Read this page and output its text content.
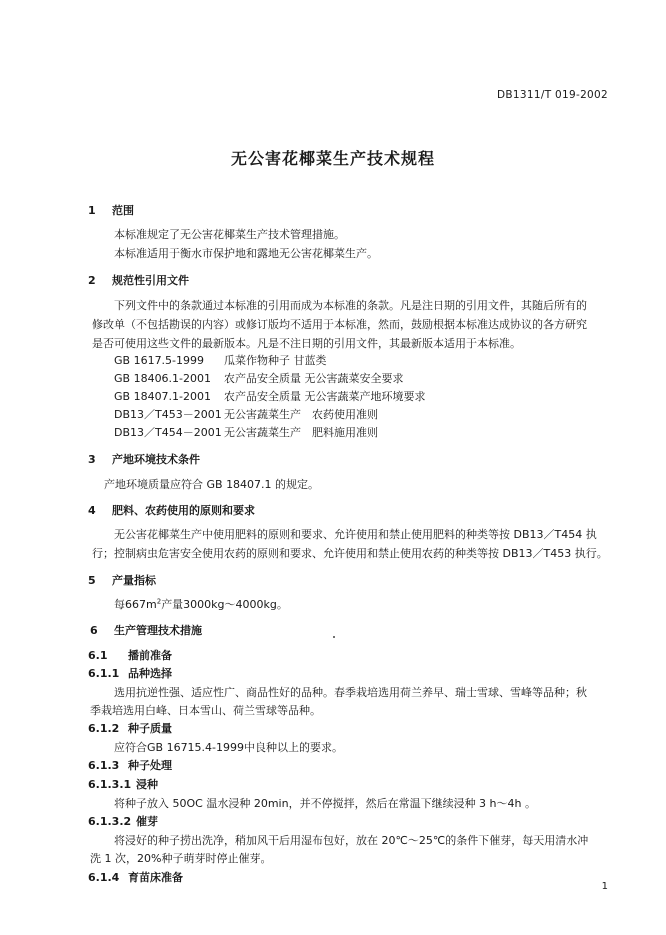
DB1311/T 019-2002
无公害花椰菜生产技术规程
1 范围
本标准规定了无公害花椰菜生产技术管理措施。
本标准适用于衡水市保护地和露地无公害花椰菜生产。
2 规范性引用文件
下列文件中的条款通过本标准的引用而成为本标准的条款。凡是注日期的引用文件，其随后所有的
修改单（不包括勘误的内容）或修订版均不适用于本标准，然而，鼓励根据本标准达成协议的各方研究
是否可使用这些文件的最新版本。凡是不注日期的引用文件，其最新版本适用于本标准。
GB 1617.5-1999 瓜菜作物种子 甘蓝类
GB 18406.1-2001 农产品安全质量 无公害蔬菜安全要求
GB 18407.1-2001 农产品安全质量 无公害蔬菜产地环境要求
DB13／T453－2001 无公害蔬菜生产　农药使用准则
DB13／T454－2001 无公害蔬菜生产　肥料施用准则
3 产地环境技术条件
产地环境质量应符合 GB 18407.1 的规定。
4 肥料、农药使用的原则和要求
无公害花椰菜生产中使用肥料的原则和要求、允许使用和禁止使用肥料的种类等按 DB13／T454 执
行；控制病虫危害安全使用农药的原则和要求、允许使用和禁止使用农药的种类等按 DB13／T453 执行。
5 产量指标
每$667m^2$产量3000kg～4000kg。
6 生产管理技术措施
6.1 播前准备
6.1.1 品种选择
选用抗逆性强、适应性广、商品性好的品种。春季栽培选用荷兰养早、瑞士雪球、雪峰等品种；秋
季栽培选用白峰、日本雪山、荷兰雪球等品种。
6.1.2 种子质量
应符合GB 16715.4-1999中良种以上的要求。
6.1.3 种子处理
6.1.3.1 浸种
将种子放入 50OC 温水浸种 20min，并不停搅拌，然后在常温下继续浸种 3 h～4h 。
6.1.3.2 催芽
将浸好的种子捞出洗净，稍加风干后用湿布包好，放在 20℃～25℃的条件下催芽，每天用清水冲
洗 1 次，20%种子萌芽时停止催芽。
6.1.4 育苗床准备
1
